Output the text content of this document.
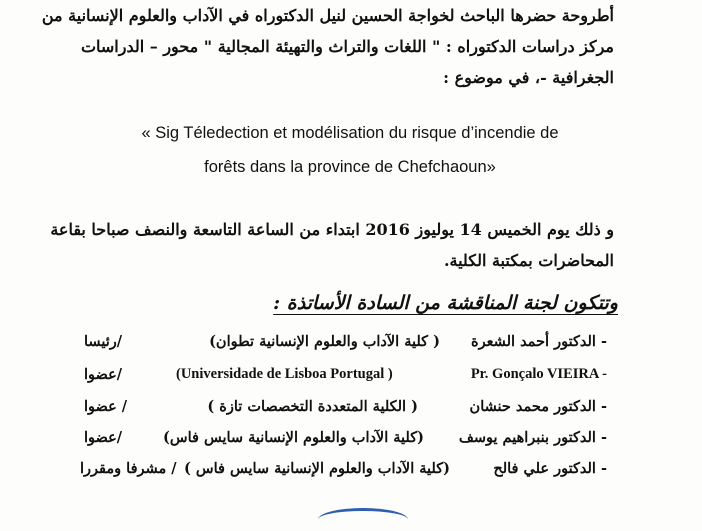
أطروحة حضرها الباحث لخواجة الحسين لنيل الدكتوراه في الآداب والعلوم الإنسانية من

مركز دراسات الدكتوراه : " اللغات والتراث والتهيئة المجالية " محور – الدراسات

الجغرافية -، في موضوع :

« Sig Téledection et modélisation du risque d’incendie de
forêts dans la province de Chefchaoun»

و ذلك يوم الخميس 14 يوليوز 2016 ابتداء من الساعة التاسعة والنصف صباحا بقاعة

المحاضرات بمكتبة الكلية.

وتتكون لجنة المناقشة من السادة الأساتذة :
- الدكتور أحمد الشعرة
( كلية الآداب والعلوم الإنسانية تطوان)
/رئيسا
Pr. Gonçalo VIEIRA -
(Universidade de Lisboa Portugal )
/عضوا
- الدكتور محمد حنشان
( الكلية المتعددة التخصصات تازة )
/ عضوا
- الدكتور بنبراهيم يوسف
(كلية الآداب والعلوم الإنسانية سايس فاس)
/عضوا
- الدكتور علي فالح
(كلية الآداب والعلوم الإنسانية سايس فاس )
/ مشرفا ومقررا
